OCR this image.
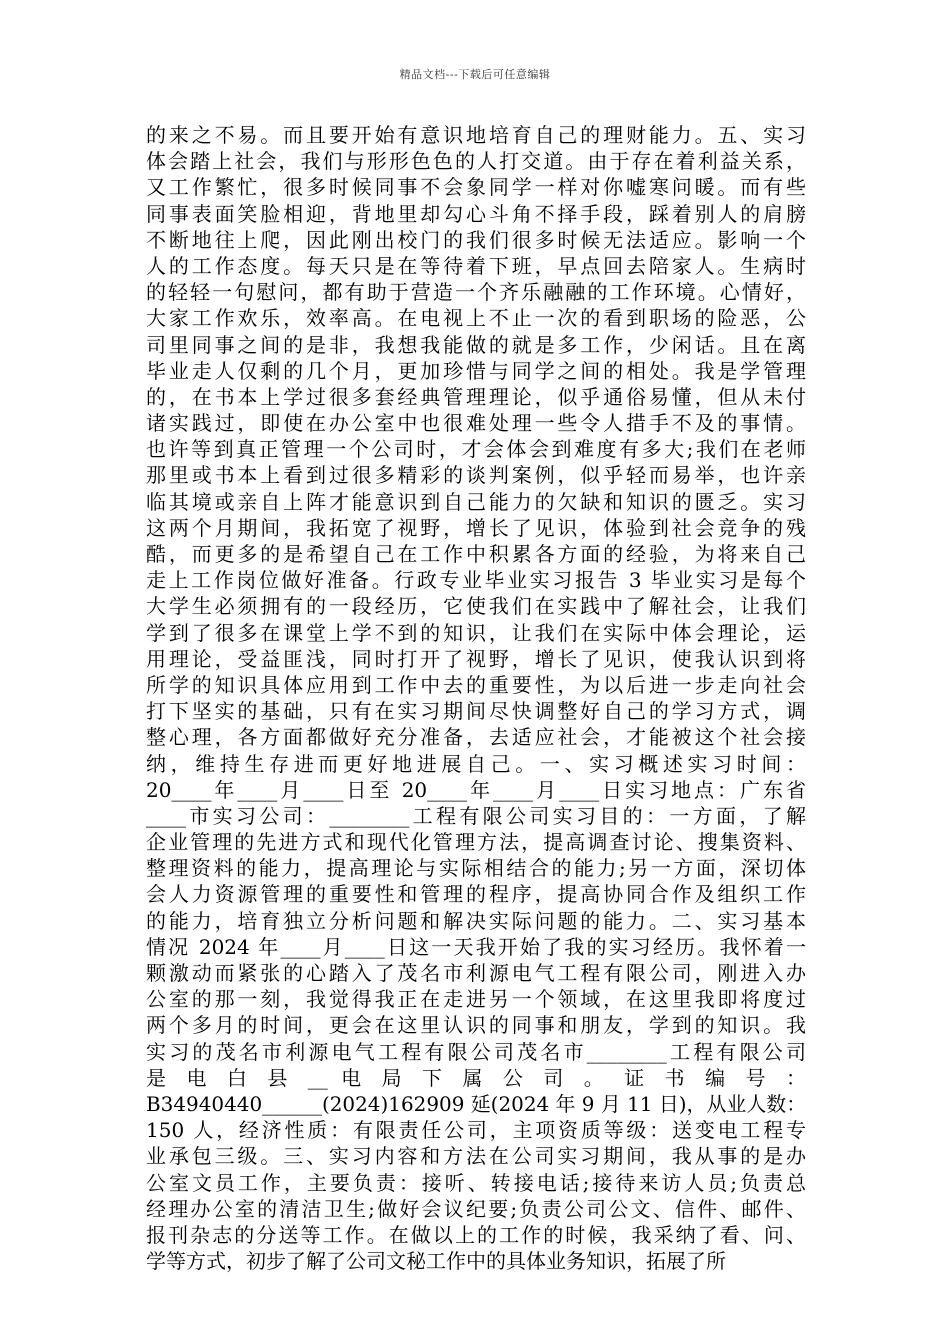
精品文档---下载后可任意编辑
的来之不易。而且要开始有意识地培育自己的理财能力。五、实习
体会踏上社会，我们与形形色色的人打交道。由于存在着利益关系，
又工作繁忙，很多时候同事不会象同学一样对你嘘寒问暖。而有些
同事表面笑脸相迎，背地里却勾心斗角不择手段，踩着别人的肩膀
不断地往上爬，因此刚出校门的我们很多时候无法适应。影响一个
人的工作态度。每天只是在等待着下班，早点回去陪家人。生病时
的轻轻一句慰问，都有助于营造一个齐乐融融的工作环境。心情好，
大家工作欢乐，效率高。在电视上不止一次的看到职场的险恶，公
司里同事之间的是非，我想我能做的就是多工作，少闲话。且在离
毕业走人仅剩的几个月，更加珍惜与同学之间的相处。我是学管理
的，在书本上学过很多套经典管理理论，似乎通俗易懂，但从未付
诸实践过，即使在办公室中也很难处理一些令人措手不及的事情。
也许等到真正管理一个公司时，才会体会到难度有多大;我们在老师
那里或书本上看到过很多精彩的谈判案例，似乎轻而易举，也许亲
临其境或亲自上阵才能意识到自己能力的欠缺和知识的匮乏。实习
这两个月期间，我拓宽了视野，增长了见识，体验到社会竞争的残
酷，而更多的是希望自己在工作中积累各方面的经验，为将来自己
走上工作岗位做好准备。行政专业毕业实习报告 3 毕业实习是每个
大学生必须拥有的一段经历，它使我们在实践中了解社会，让我们
学到了很多在课堂上学不到的知识，让我们在实际中体会理论，运
用理论，受益匪浅，同时打开了视野，增长了见识，使我认识到将
所学的知识具体应用到工作中去的重要性，为以后进一步走向社会
打下坚实的基础，只有在实习期间尽快调整好自己的学习方式，调
整心理，各方面都做好充分准备，去适应社会，才能被这个社会接
纳，维持生存进而更好地进展自己。一、实习概述实习时间：
20____年____月____日至 20____年____月____日实习地点：广东省
____市实习公司：________工程有限公司实习目的：一方面，了解
企业管理的先进方式和现代化管理方法，提高调查讨论、搜集资料、
整理资料的能力，提高理论与实际相结合的能力;另一方面，深切体
会人力资源管理的重要性和管理的程序，提高协同合作及组织工作
的能力，培育独立分析问题和解决实际问题的能力。二、实习基本
情况 2024 年____月____日这一天我开始了我的实习经历。我怀着一
颗激动而紧张的心踏入了茂名市利源电气工程有限公司，刚进入办
公室的那一刻，我觉得我正在走进另一个领域，在这里我即将度过
两个多月的时间，更会在这里认识的同事和朋友，学到的知识。我
实习的茂名市利源电气工程有限公司茂名市________工程有限公司
是 电 白 县 __ 电 局 下 属 公 司 。 证 书 编 号 ：
B34940440______(2024)162909 延(2024 年 9 月 11 日)，从业人数：
150 人，经济性质：有限责任公司，主项资质等级：送变电工程专
业承包三级。三、实习内容和方法在公司实习期间，我从事的是办
公室文员工作，主要负责：接听、转接电话;接待来访人员;负责总
经理办公室的清洁卫生;做好会议纪要;负责公司公文、信件、邮件、
报刊杂志的分送等工作。在做以上的工作的时候，我采纳了看、问、
学等方式，初步了解了公司文秘工作中的具体业务知识，拓展了所
